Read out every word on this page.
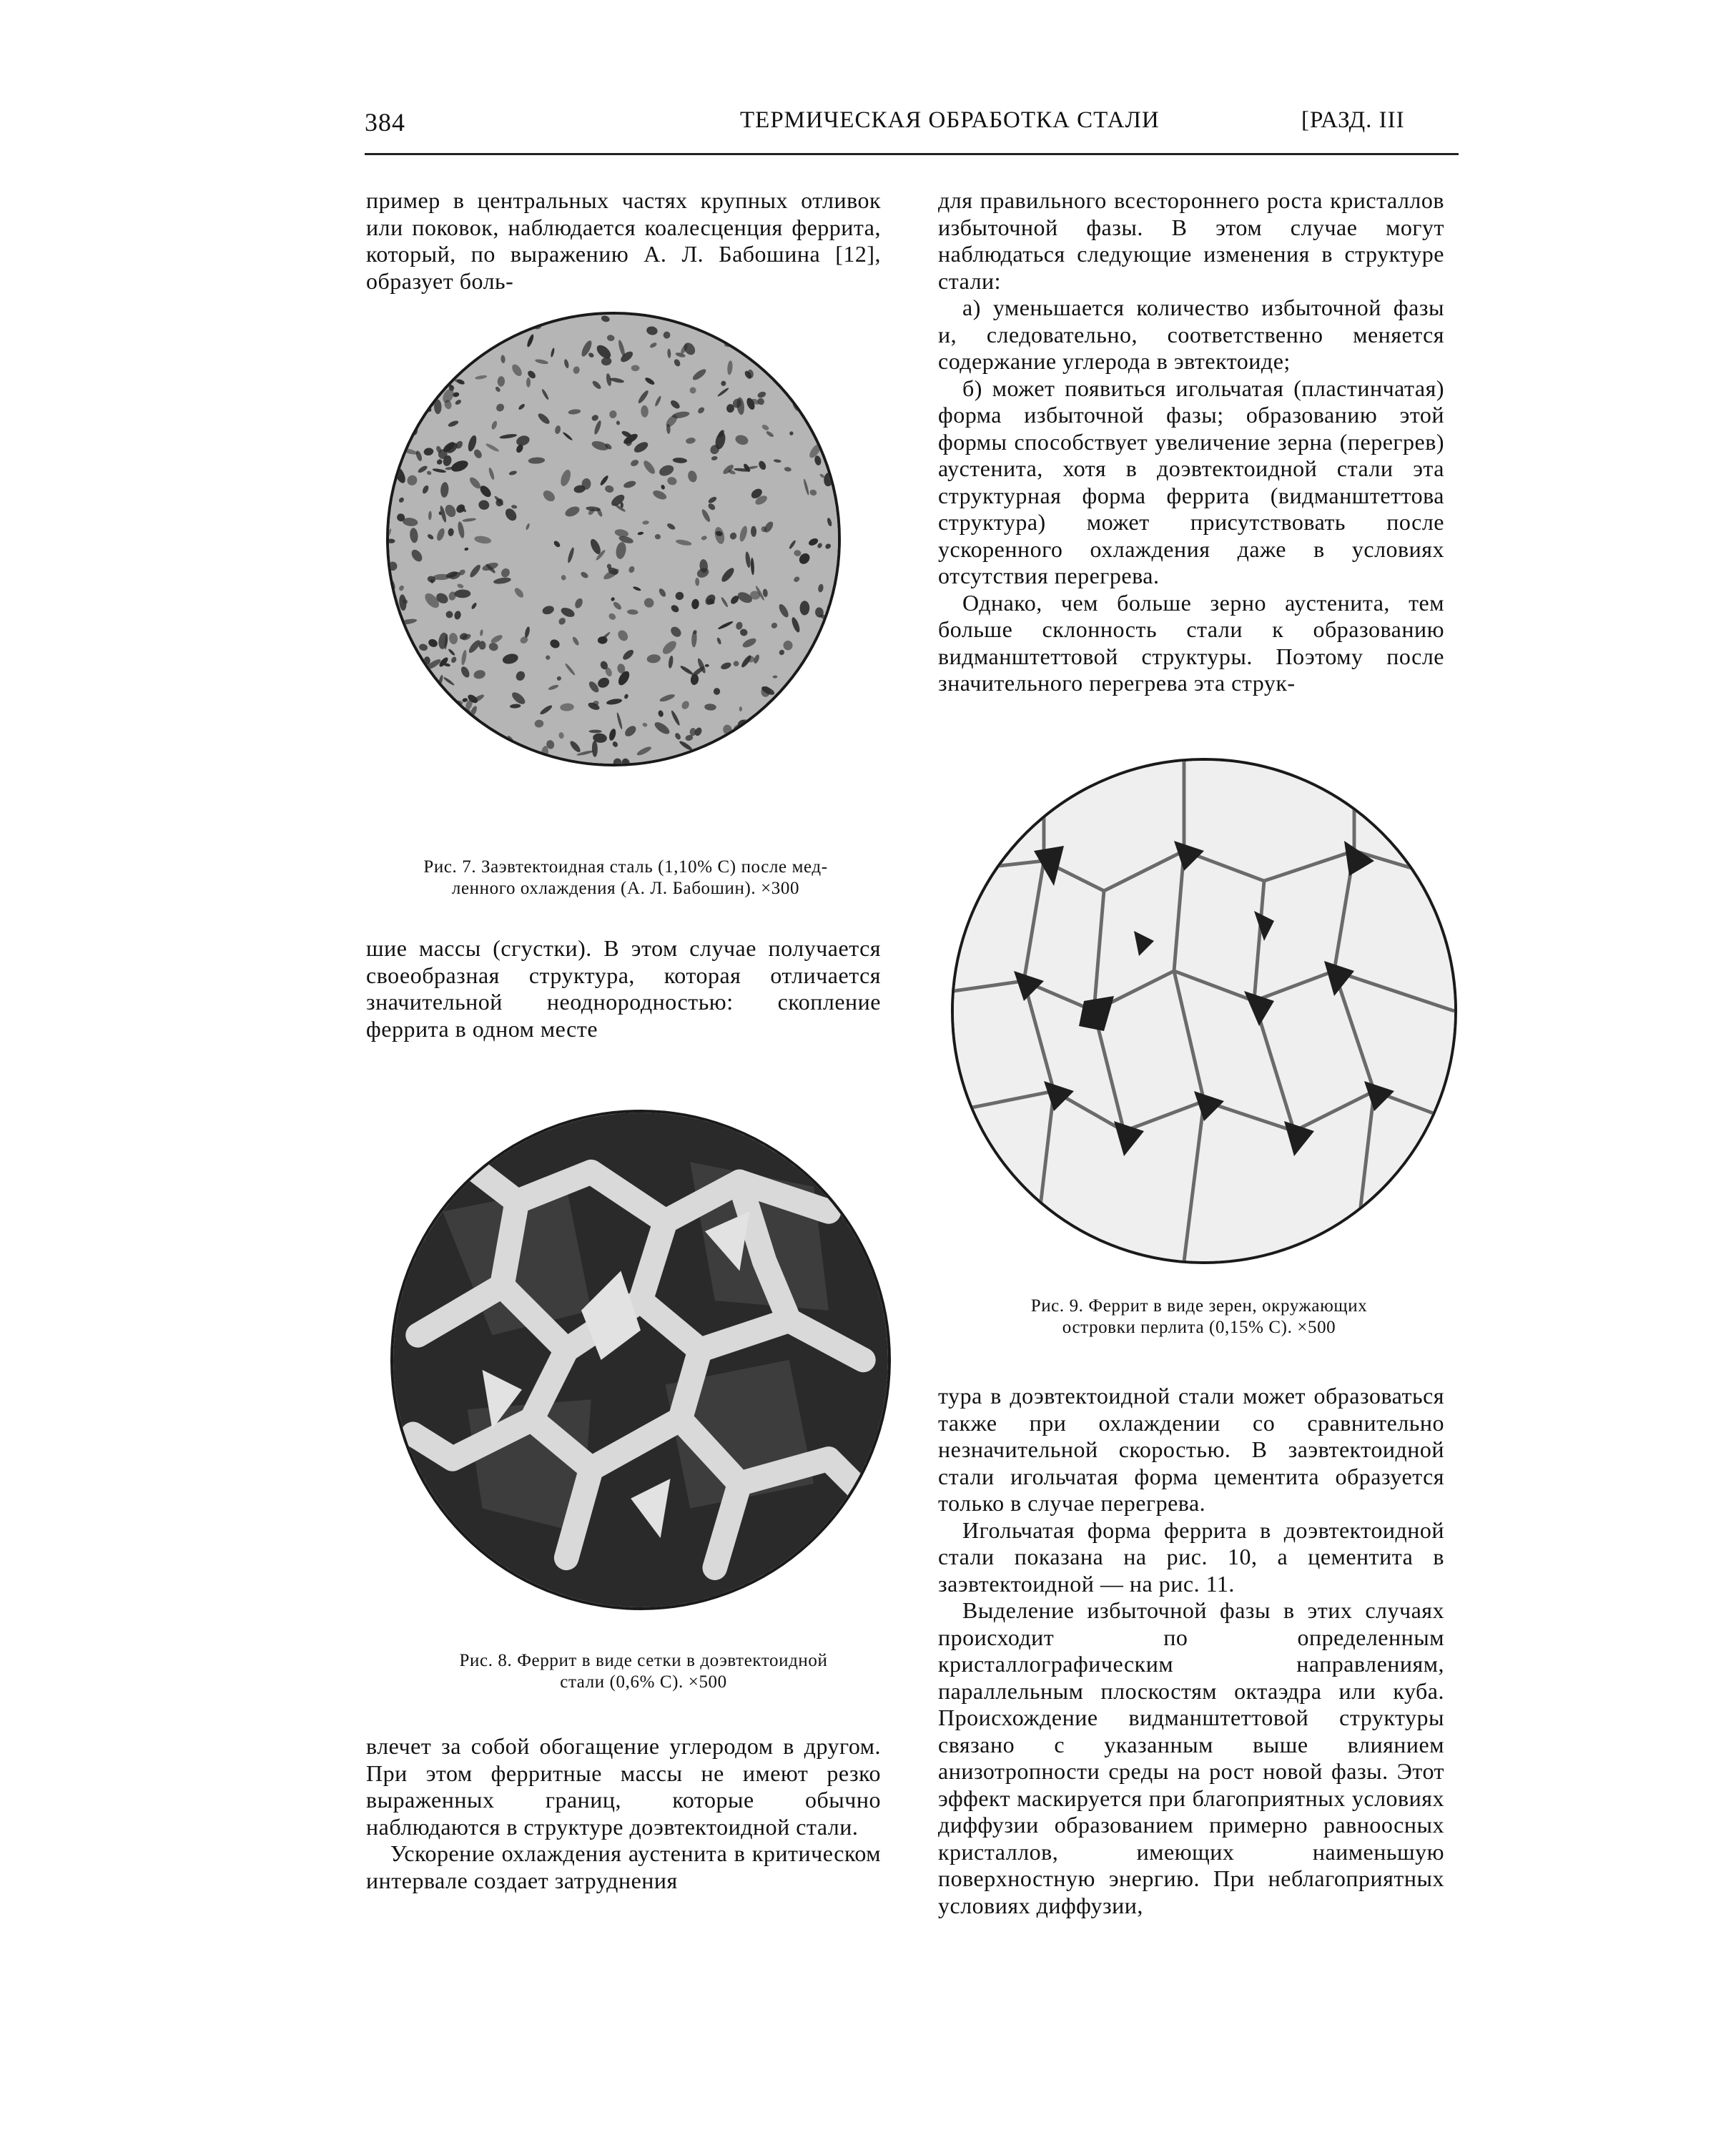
384	ТЕРМИЧЕСКАЯ ОБРАБОТКА СТАЛИ	[РАЗД. III

пример в центральных частях крупных отливок или поковок, наблюдается коалесценция феррита, который, по выражению А. Л. Бабошина [12], образует боль-

Рис. 7. Заэвтектоидная сталь (1,10% С) после мед-
ленного охлаждения (А. Л. Бабошин). ×300

шие массы (сгустки). В этом случае получается своеобразная структура, которая отличается значительной неоднородностью: скопление феррита в одном месте

Рис. 8. Феррит в виде сетки в доэвтектоидной
стали (0,6% С). ×500

влечет за собой обогащение углеродом в другом. При этом ферритные массы не имеют резко выраженных границ, которые обычно наблюдаются в структуре доэвтектоидной стали.

Ускорение охлаждения аустенита в критическом интервале создает затруднения

для правильного всестороннего роста кристаллов избыточной фазы. В этом случае могут наблюдаться следующие изменения в структуре стали:

а) уменьшается количество избыточной фазы и, следовательно, соответственно меняется содержание углерода в эвтектоиде;

б) может появиться игольчатая (пластинчатая) форма избыточной фазы; образованию этой формы способствует увеличение зерна (перегрев) аустенита, хотя в доэвтектоидной стали эта структурная форма феррита (видманштеттова структура) может присутствовать после ускоренного охлаждения даже в условиях отсутствия перегрева.

Однако, чем больше зерно аустенита, тем больше склонность стали к образованию видманштеттовой структуры. Поэтому после значительного перегрева эта струк-

Рис. 9. Феррит в виде зерен, окружающих
островки перлита (0,15% С). ×500

тура в доэвтектоидной стали может образоваться также при охлаждении со сравнительно незначительной скоростью. В заэвтектоидной стали игольчатая форма цементита образуется только в случае перегрева.

Игольчатая форма феррита в доэвтектоидной стали показана на рис. 10, а цементита в заэвтектоидной — на рис. 11.

Выделение избыточной фазы в этих случаях происходит по определенным кристаллографическим направлениям, параллельным плоскостям октаэдра или куба. Происхождение видманштеттовой структуры связано с указанным выше влиянием анизотропности среды на рост новой фазы. Этот эффект маскируется при благоприятных условиях диффузии образованием примерно равноосных кристаллов, имеющих наименьшую поверхностную энергию. При неблагоприятных условиях диффузии,
